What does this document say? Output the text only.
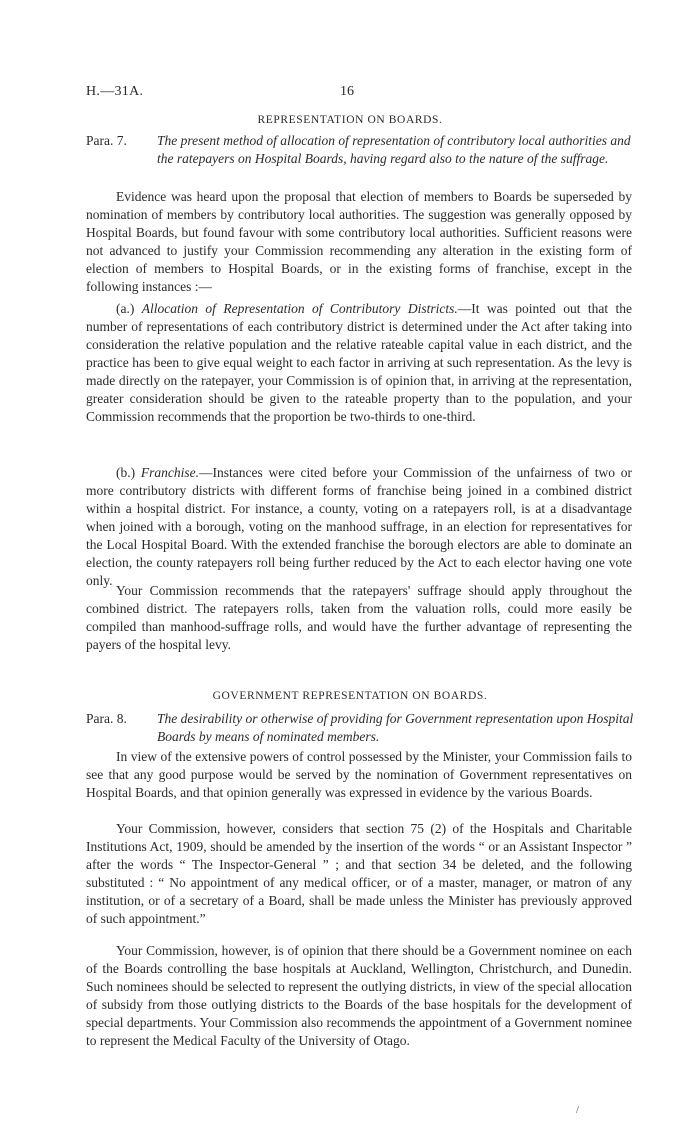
H.—31A.	16
REPRESENTATION ON BOARDS.
Para. 7. The present method of allocation of representation of contributory local authorities and the ratepayers on Hospital Boards, having regard also to the nature of the suffrage.
Evidence was heard upon the proposal that election of members to Boards be superseded by nomination of members by contributory local authorities. The suggestion was generally opposed by Hospital Boards, but found favour with some contributory local authorities. Sufficient reasons were not advanced to justify your Commission recommending any alteration in the existing form of election of members to Hospital Boards, or in the existing forms of franchise, except in the following instances :—
(a.) Allocation of Representation of Contributory Districts.—It was pointed out that the number of representations of each contributory district is determined under the Act after taking into consideration the relative population and the relative rateable capital value in each district, and the practice has been to give equal weight to each factor in arriving at such representation. As the levy is made directly on the ratepayer, your Commission is of opinion that, in arriving at the representation, greater consideration should be given to the rateable property than to the population, and your Commission recommends that the proportion be two-thirds to one-third.
(b.) Franchise.—Instances were cited before your Commission of the unfairness of two or more contributory districts with different forms of franchise being joined in a combined district within a hospital district. For instance, a county, voting on a ratepayers roll, is at a disadvantage when joined with a borough, voting on the manhood suffrage, in an election for representatives for the Local Hospital Board. With the extended franchise the borough electors are able to dominate an election, the county ratepayers roll being further reduced by the Act to each elector having one vote only.
Your Commission recommends that the ratepayers' suffrage should apply throughout the combined district. The ratepayers rolls, taken from the valuation rolls, could more easily be compiled than manhood-suffrage rolls, and would have the further advantage of representing the payers of the hospital levy.
GOVERNMENT REPRESENTATION ON BOARDS.
Para. 8. The desirability or otherwise of providing for Government representation upon Hospital Boards by means of nominated members.
In view of the extensive powers of control possessed by the Minister, your Commission fails to see that any good purpose would be served by the nomination of Government representatives on Hospital Boards, and that opinion generally was expressed in evidence by the various Boards.
Your Commission, however, considers that section 75 (2) of the Hospitals and Charitable Institutions Act, 1909, should be amended by the insertion of the words “ or an Assistant Inspector ” after the words “ The Inspector-General ” ; and that section 34 be deleted, and the following substituted : “ No appointment of any medical officer, or of a master, manager, or matron of any institution, or of a secretary of a Board, shall be made unless the Minister has previously approved of such appointment.”
Your Commission, however, is of opinion that there should be a Government nominee on each of the Boards controlling the base hospitals at Auckland, Wellington, Christchurch, and Dunedin. Such nominees should be selected to represent the outlying districts, in view of the special allocation of subsidy from those outlying districts to the Boards of the base hospitals for the development of special departments. Your Commission also recommends the appointment of a Government nominee to represent the Medical Faculty of the University of Otago.
/
